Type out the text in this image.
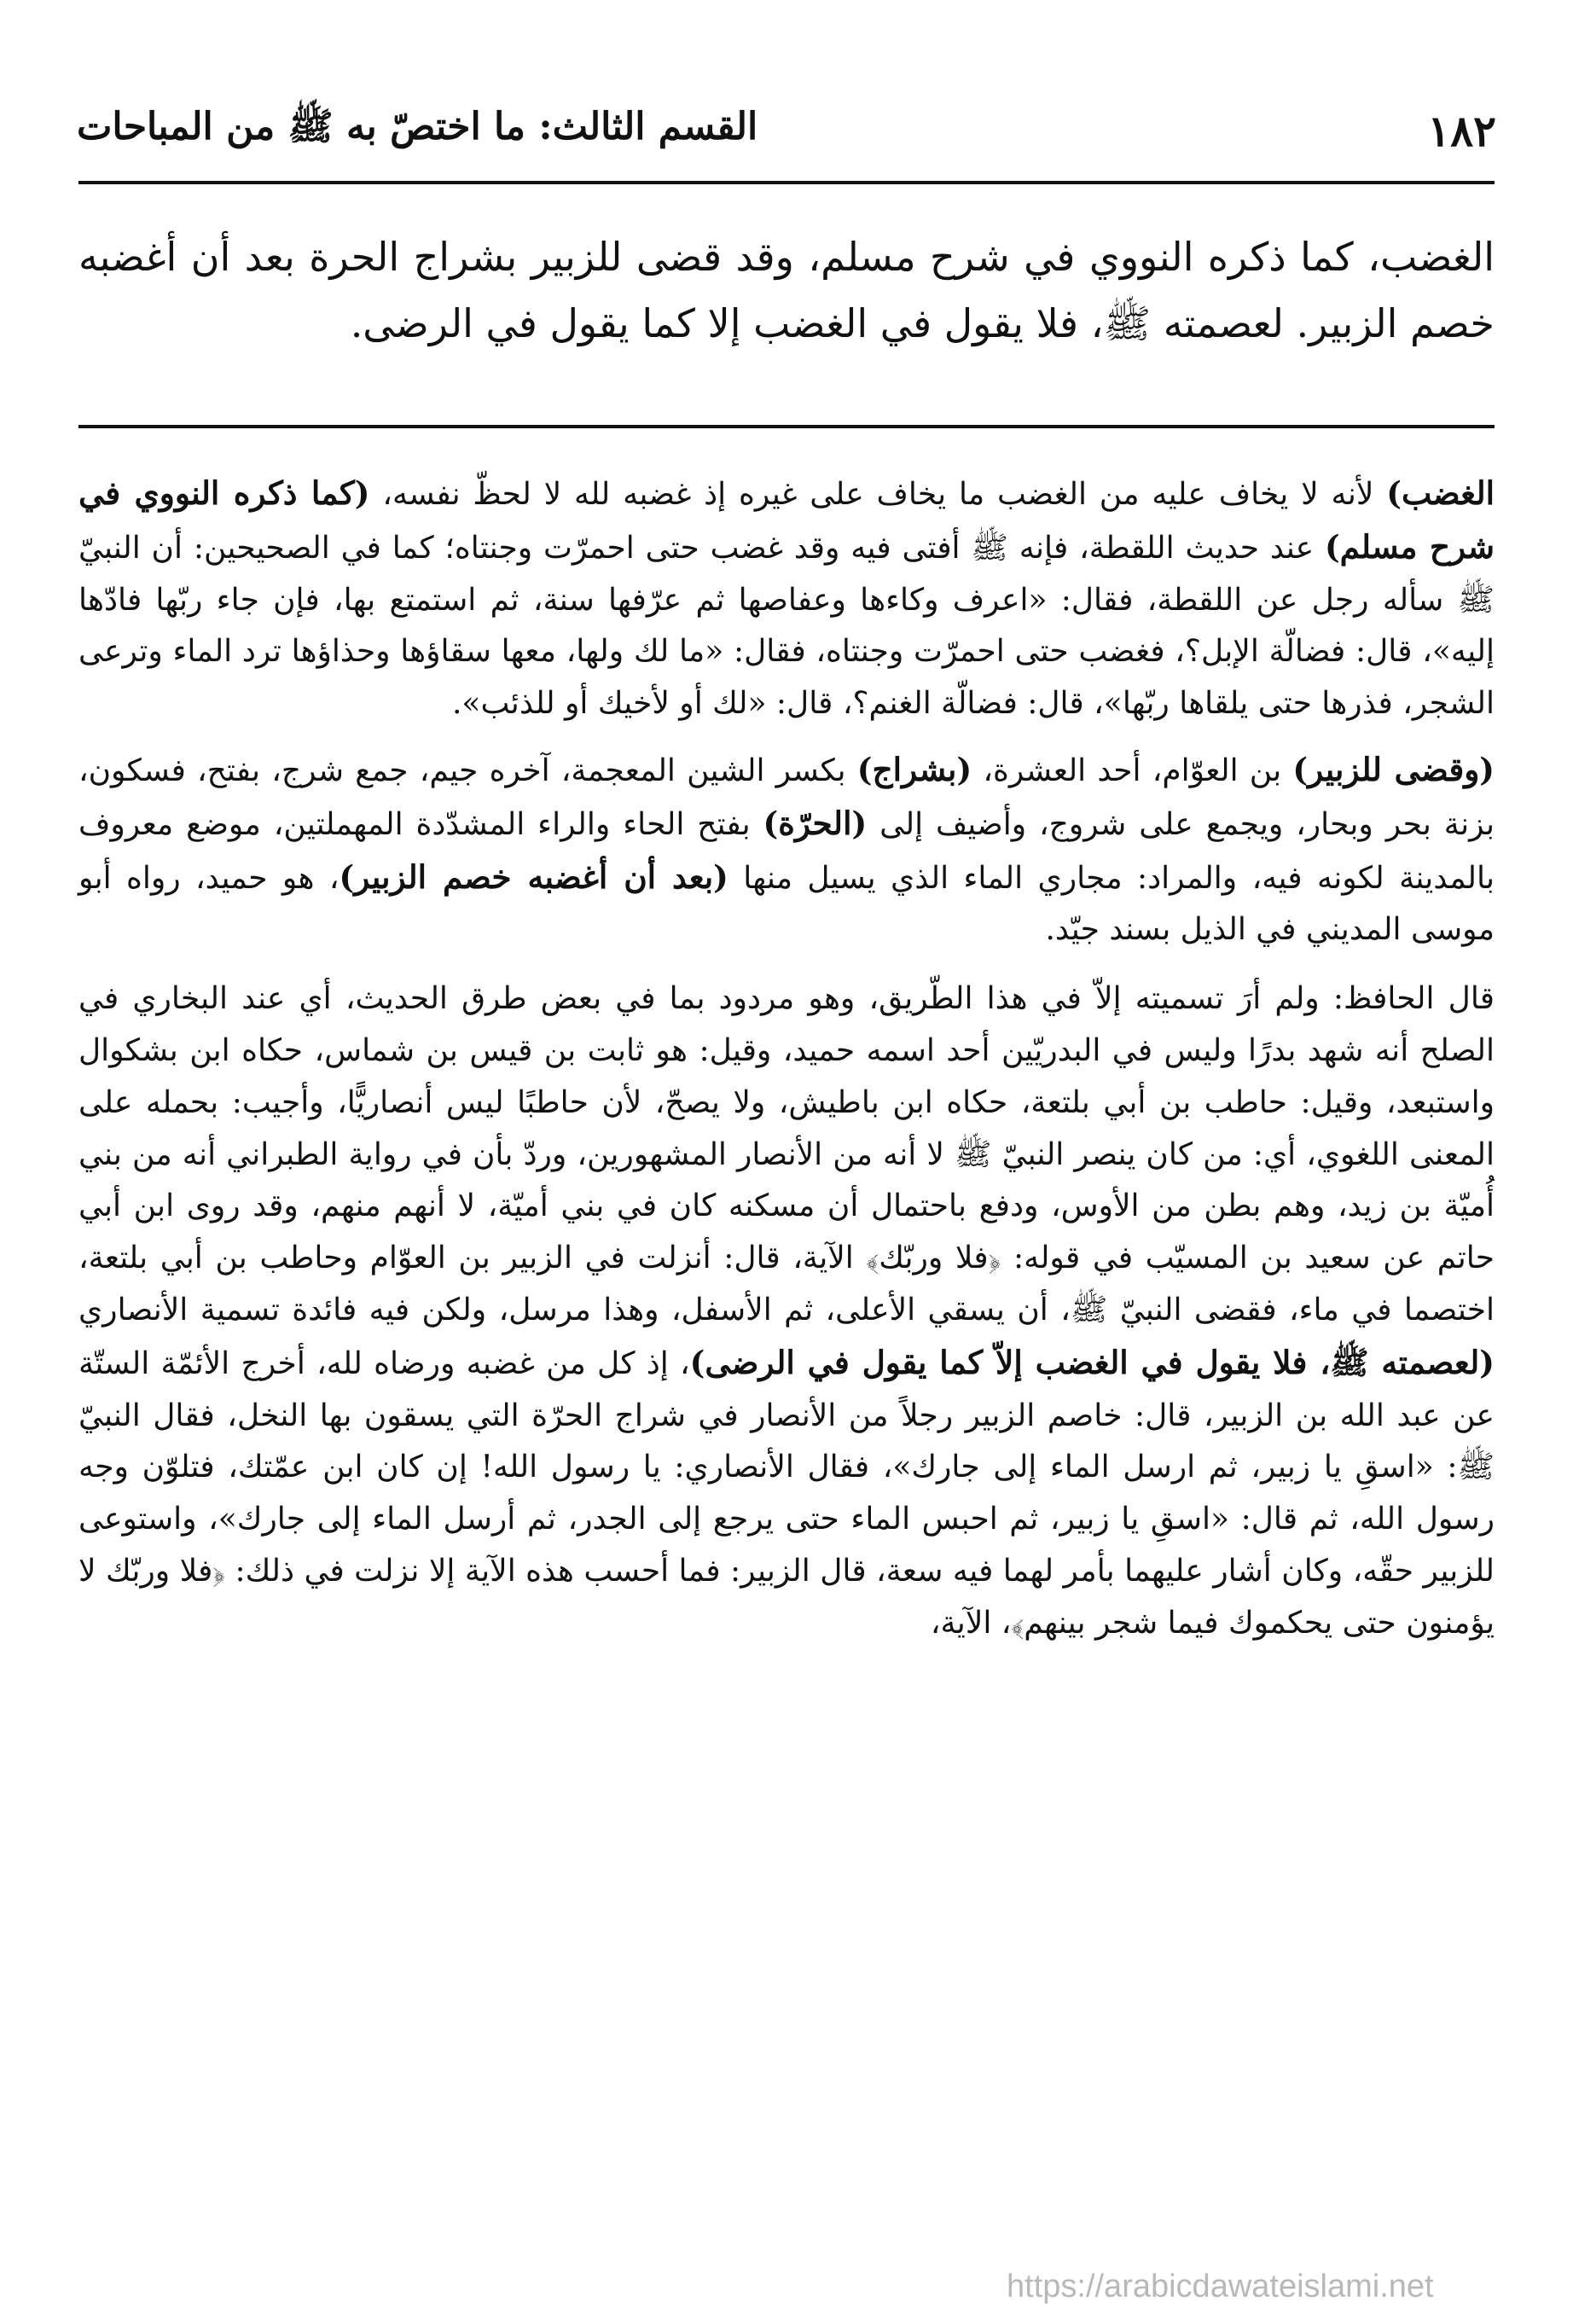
١٨٢
القسم الثالث: ما اختصّ به ﷺ من المباحات

الغضب، كما ذكره النووي في شرح مسلم، وقد قضى للزبير بشراج الحرة بعد أن أغضبه خصم الزبير. لعصمته ﷺ، فلا يقول في الغضب إلا كما يقول في الرضى.

الغضب) لأنه لا يخاف عليه من الغضب ما يخاف على غيره إذ غضبه لله لا لحظّ نفسه، (كما ذكره النووي في شرح مسلم) عند حديث اللقطة، فإنه ﷺ أفتى فيه وقد غضب حتى احمرّت وجنتاه؛ كما في الصحيحين: أن النبيّ ﷺ سأله رجل عن اللقطة، فقال: «اعرف وكاءها وعفاصها ثم عرّفها سنة، ثم استمتع بها، فإن جاء ربّها فادّها إليه»، قال: فضالّة الإبل؟، فغضب حتى احمرّت وجنتاه، فقال: «ما لك ولها، معها سقاؤها وحذاؤها ترد الماء وترعى الشجر، فذرها حتى يلقاها ربّها»، قال: فضالّة الغنم؟، قال: «لك أو لأخيك أو للذئب».

(وقضى للزبير) بن العوّام، أحد العشرة، (بشراج) بكسر الشين المعجمة، آخره جيم، جمع شرج، بفتح، فسكون، بزنة بحر وبحار، ويجمع على شروج، وأضيف إلى (الحرّة) بفتح الحاء والراء المشدّدة المهملتين، موضع معروف بالمدينة لكونه فيه، والمراد: مجاري الماء الذي يسيل منها (بعد أن أغضبه خصم الزبير)، هو حميد، رواه أبو موسى المديني في الذيل بسند جيّد.

قال الحافظ: ولم أرَ تسميته إلاّ في هذا الطّريق، وهو مردود بما في بعض طرق الحديث، أي عند البخاري في الصلح أنه شهد بدرًا وليس في البدريّين أحد اسمه حميد، وقيل: هو ثابت بن قيس بن شماس، حكاه ابن بشكوال واستبعد، وقيل: حاطب بن أبي بلتعة، حكاه ابن باطيش، ولا يصحّ، لأن حاطبًا ليس أنصاريًّا، وأجيب: بحمله على المعنى اللغوي، أي: من كان ينصر النبيّ ﷺ لا أنه من الأنصار المشهورين، وردّ بأن في رواية الطبراني أنه من بني أُميّة بن زيد، وهم بطن من الأوس، ودفع باحتمال أن مسكنه كان في بني أميّة، لا أنهم منهم، وقد روى ابن أبي حاتم عن سعيد بن المسيّب في قوله: ﴿فلا وربّك﴾ الآية، قال: أنزلت في الزبير بن العوّام وحاطب بن أبي بلتعة، اختصما في ماء، فقضى النبيّ ﷺ، أن يسقي الأعلى، ثم الأسفل، وهذا مرسل، ولكن فيه فائدة تسمية الأنصاري (لعصمته ﷺ، فلا يقول في الغضب إلاّ كما يقول في الرضى)، إذ كل من غضبه ورضاه لله، أخرج الأئمّة الستّة عن عبد الله بن الزبير، قال: خاصم الزبير رجلاً من الأنصار في شراج الحرّة التي يسقون بها النخل، فقال النبيّ ﷺ: «اسقِ يا زبير، ثم ارسل الماء إلى جارك»، فقال الأنصاري: يا رسول الله! إن كان ابن عمّتك، فتلوّن وجه رسول الله، ثم قال: «اسقِ يا زبير، ثم احبس الماء حتى يرجع إلى الجدر، ثم أرسل الماء إلى جارك»، واستوعى للزبير حقّه، وكان أشار عليهما بأمر لهما فيه سعة، قال الزبير: فما أحسب هذه الآية إلا نزلت في ذلك: ﴿فلا وربّك لا يؤمنون حتى يحكموك فيما شجر بينهم﴾، الآية،

https://arabicdawateislami.net
